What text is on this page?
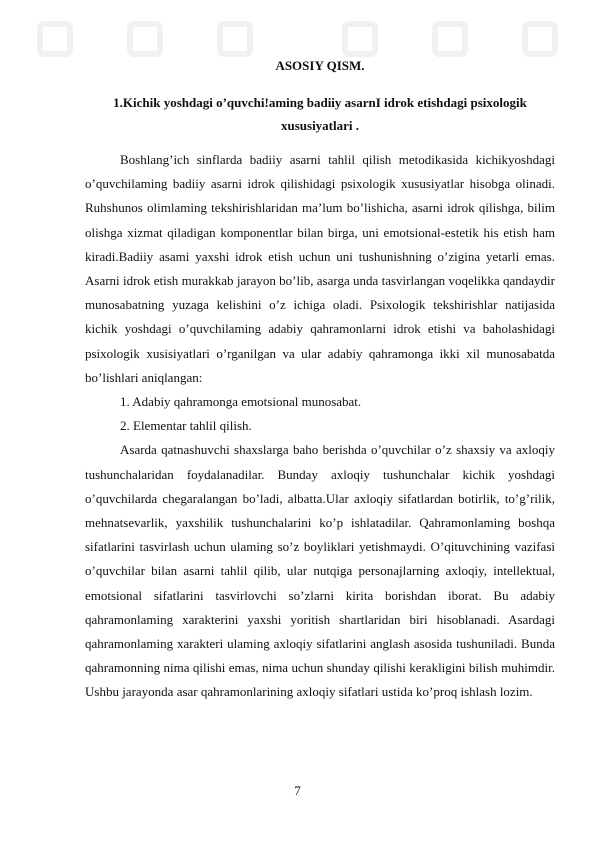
ASOSIY QISM.
1.Kichik yoshdagi o’quvchi!aming badiiy asarnI idrok etishdagi psixologik xususiyatlari .

Boshlang’ich sinflarda badiiy asarni tahlil qilish metodikasida kichikyoshdagi o’quvchilaming badiiy asarni idrok qilishidagi psixologik xususiyatlar hisobga olinadi. Ruhshunos olimlaming tekshirishlaridan ma’lum bo’lishicha, asarni idrok qilishga, bilim olishga xizmat qiladigan komponentlar bilan birga, uni emotsional-estetik his etish ham kiradi.Badiiy asami yaxshi idrok etish uchun uni tushunishning o’zigina yetarli emas. Asarni idrok etish murakkab jarayon bo’lib, asarga unda tasvirlangan voqelikka qandaydir munosabatning yuzaga kelishini o’z ichiga oladi. Psixologik tekshirishlar natijasida kichik yoshdagi o’quvchilaming adabiy qahramonlarni idrok etishi va baholashidagi psixologik xusisiyatlari o’rganilgan va ular adabiy qahramonga ikki xil munosabatda bo’lishlari aniqlangan:

1. Adabiy qahramonga emotsional munosabat.

2. Elementar tahlil qilish.

Asarda qatnashuvchi shaxslarga baho berishda o’quvchilar o’z shaxsiy va axloqiy tushunchalaridan foydalanadilar. Bunday axloqiy tushunchalar kichik yoshdagi o’quvchilarda chegaralangan bo’ladi, albatta.Ular axloqiy sifatlardan botirlik, to’g’rilik, mehnatsevarlik, yaxshilik tushunchalarini ko’p ishlatadilar. Qahramonlaming boshqa sifatlarini tasvirlash uchun ulaming so’z boyliklari yetishmaydi. O’qituvchining vazifasi o’quvchilar bilan asarni tahlil qilib, ular nutqiga personajlarning axloqiy, intellektual, emotsional sifatlarini tasvirlovchi so’zlarni kirita borishdan iborat. Bu adabiy qahramonlaming xarakterini yaxshi yoritish shartlaridan biri hisoblanadi. Asardagi qahramonlaming xarakteri ulaming axloqiy sifatlarini anglash asosida tushuniladi. Bunda qahramonning nima qilishi emas, nima uchun shunday qilishi kerakligini bilish muhimdir. Ushbu jarayonda asar qahramonlarining axloqiy sifatlari ustida ko’proq ishlash lozim.

7
